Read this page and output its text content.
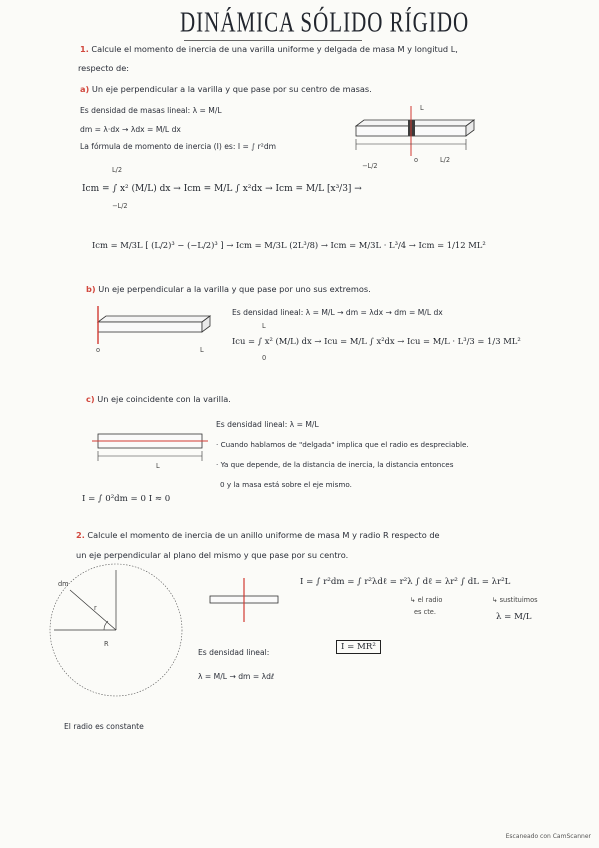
DINÁMICA SÓLIDO RÍGIDO
1. Calcule el momento de inercia de una varilla uniforme y delgada de masa M y longitud L,
respecto de:
a) Un eje perpendicular a la varilla y que pase por su centro de masas.
Es densidad de masas lineal: λ = M/L
dm = λ·dx → λdx = M/L dx
La fórmula de momento de inercia (I) es: I = ∫ r²dm
L
o	L/2
−L/2
L/2
Icm = ∫ x² (M/L) dx → Icm = M/L ∫ x²dx → Icm = M/L [x³/3] →
−L/2
Icm = M/3L [ (L/2)³ − (−L/2)³ ] → Icm = M/3L (2L³/8) → Icm = M/3L · L³/4 → Icm = 1/12 ML²
b) Un eje perpendicular a la varilla y que pase por uno sus extremos.
o	L
Es densidad lineal: λ = M/L → dm = λdx → dm = M/L dx
L
Icu = ∫ x² (M/L) dx → Icu = M/L ∫ x²dx → Icu = M/L · L³/3 = 1/3 ML²
0
c) Un eje coincidente con la varilla.
L
Es densidad lineal: λ = M/L
· Cuando hablamos de "delgada" implica que el radio es despreciable.
· Ya que depende, de la distancia de inercia, la distancia entonces
0 y la masa está sobre el eje mismo.
I = ∫ 0²dm = 0 I ≈ 0
2. Calcule el momento de inercia de un anillo uniforme de masa M y radio R respecto de
un eje perpendicular al plano del mismo y que pase por su centro.
dm
r
R
I = ∫ r²dm = ∫ r²λdℓ = r²λ ∫ dℓ = λr² ∫ dL = λr²L
↳ el radio
es cte.
↳ sustituimos
λ = M/L
Es densidad lineal:
I = MR²
λ = M/L → dm = λdℓ
El radio es constante
Escaneado con CamScanner
